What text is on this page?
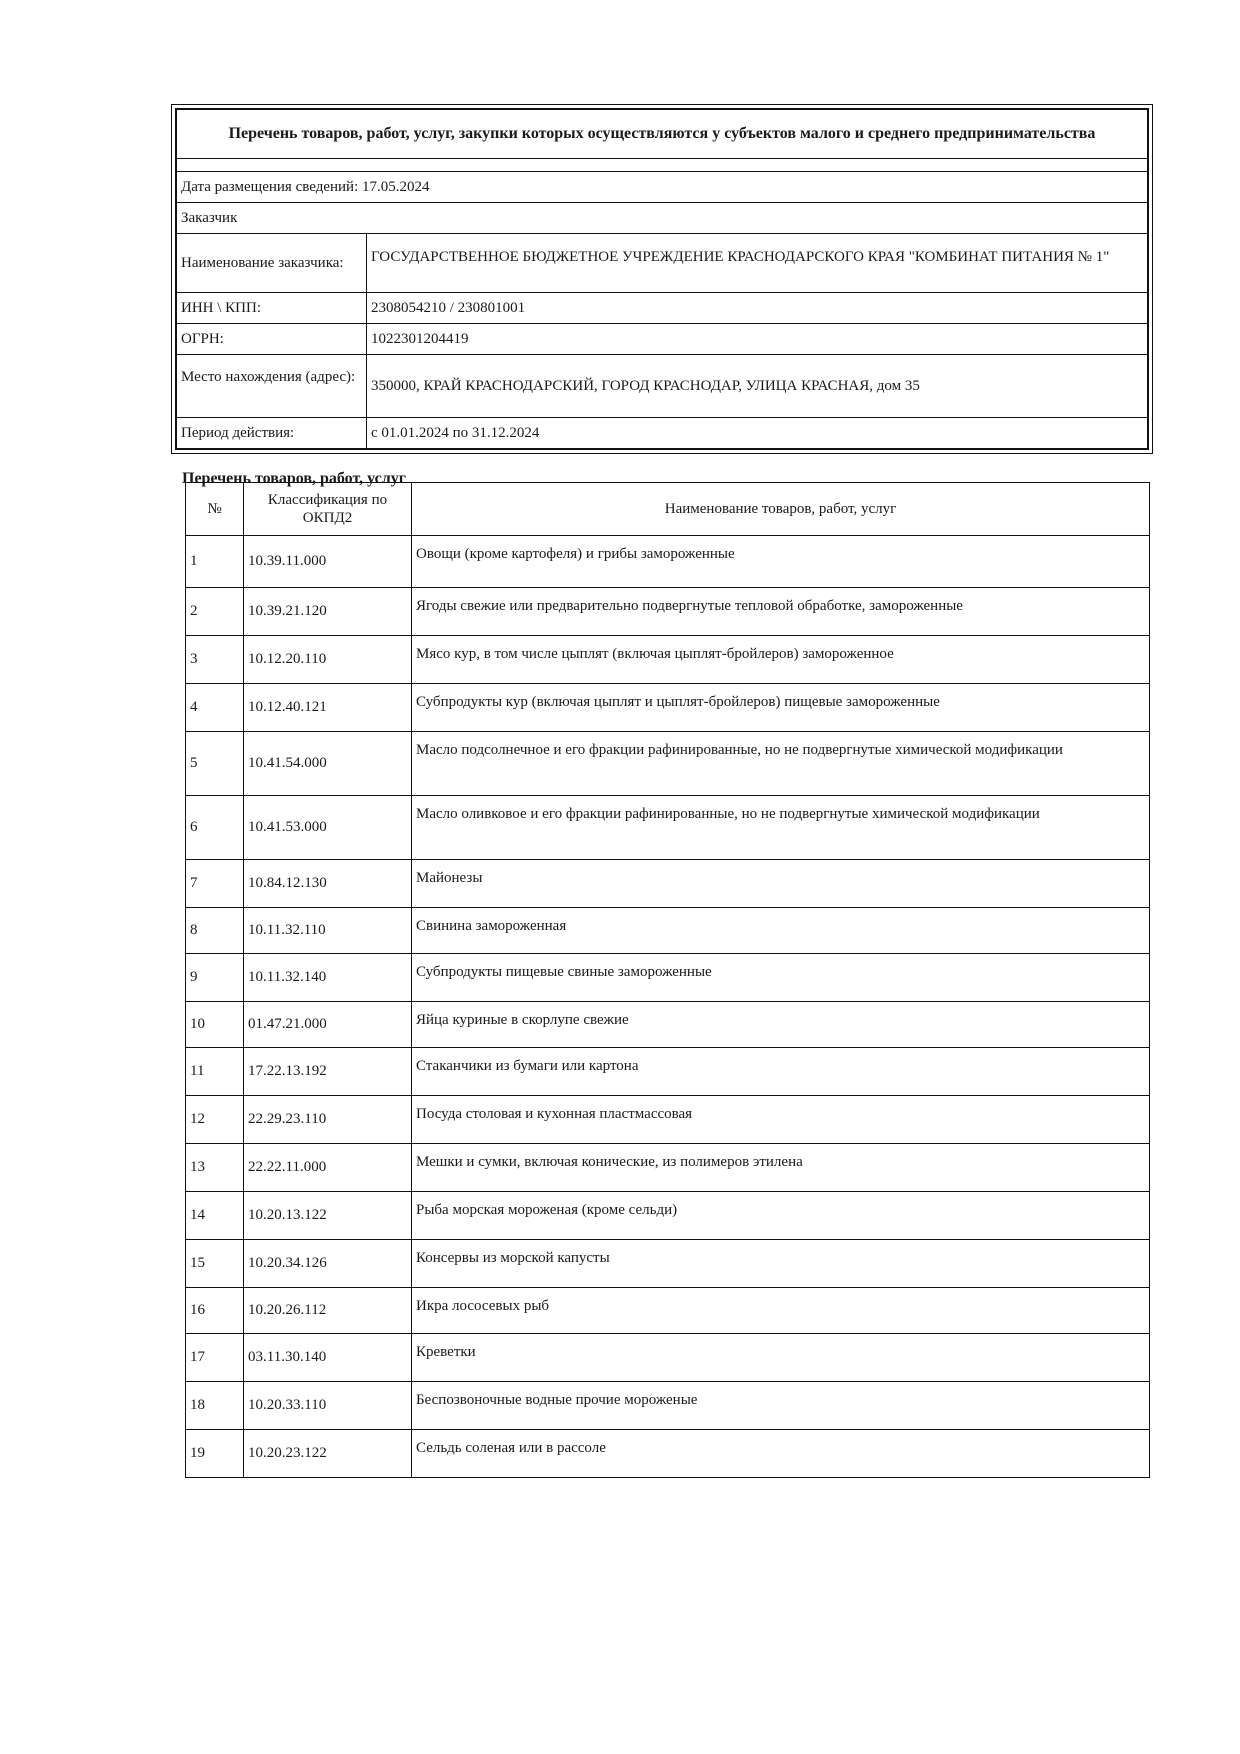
Перечень товаров, работ, услуг, закупки которых осуществляются у субъектов малого и среднего предпринимательства
Дата размещения сведений: 17.05.2024
Заказчик
Наименование заказчика:	ГОСУДАРСТВЕННОЕ БЮДЖЕТНОЕ УЧРЕЖДЕНИЕ КРАСНОДАРСКОГО КРАЯ "КОМБИНАТ ПИТАНИЯ № 1"
ИНН \ КПП:	2308054210 / 230801001
ОГРН:	1022301204419
Место нахождения (адрес):
350000, КРАЙ КРАСНОДАРСКИЙ, ГОРОД КРАСНОДАР, УЛИЦА КРАСНАЯ, дом 35
Период действия:	с 01.01.2024 по 31.12.2024
Перечень товаров, работ, услуг
№	Классификация по ОКПД2	Наименование товаров, работ, услуг
1	10.39.11.000	Овощи (кроме картофеля) и грибы замороженные
2	10.39.21.120	Ягоды свежие или предварительно подвергнутые тепловой обработке, замороженные
3	10.12.20.110	Мясо кур, в том числе цыплят (включая цыплят-бройлеров) замороженное
4	10.12.40.121	Субпродукты кур (включая цыплят и цыплят-бройлеров) пищевые замороженные
5	10.41.54.000	Масло подсолнечное и его фракции рафинированные, но не подвергнутые химической модификации
6	10.41.53.000	Масло оливковое и его фракции рафинированные, но не подвергнутые химической модификации
7	10.84.12.130	Майонезы
8	10.11.32.110	Свинина замороженная
9	10.11.32.140	Субпродукты пищевые свиные замороженные
10	01.47.21.000	Яйца куриные в скорлупе свежие
11	17.22.13.192	Стаканчики из бумаги или картона
12	22.29.23.110	Посуда столовая и кухонная пластмассовая
13	22.22.11.000	Мешки и сумки, включая конические, из полимеров этилена
14	10.20.13.122	Рыба морская мороженая (кроме сельди)
15	10.20.34.126	Консервы из морской капусты
16	10.20.26.112	Икра лососевых рыб
17	03.11.30.140	Креветки
18	10.20.33.110	Беспозвоночные водные прочие мороженые
19	10.20.23.122	Сельдь соленая или в рассоле
